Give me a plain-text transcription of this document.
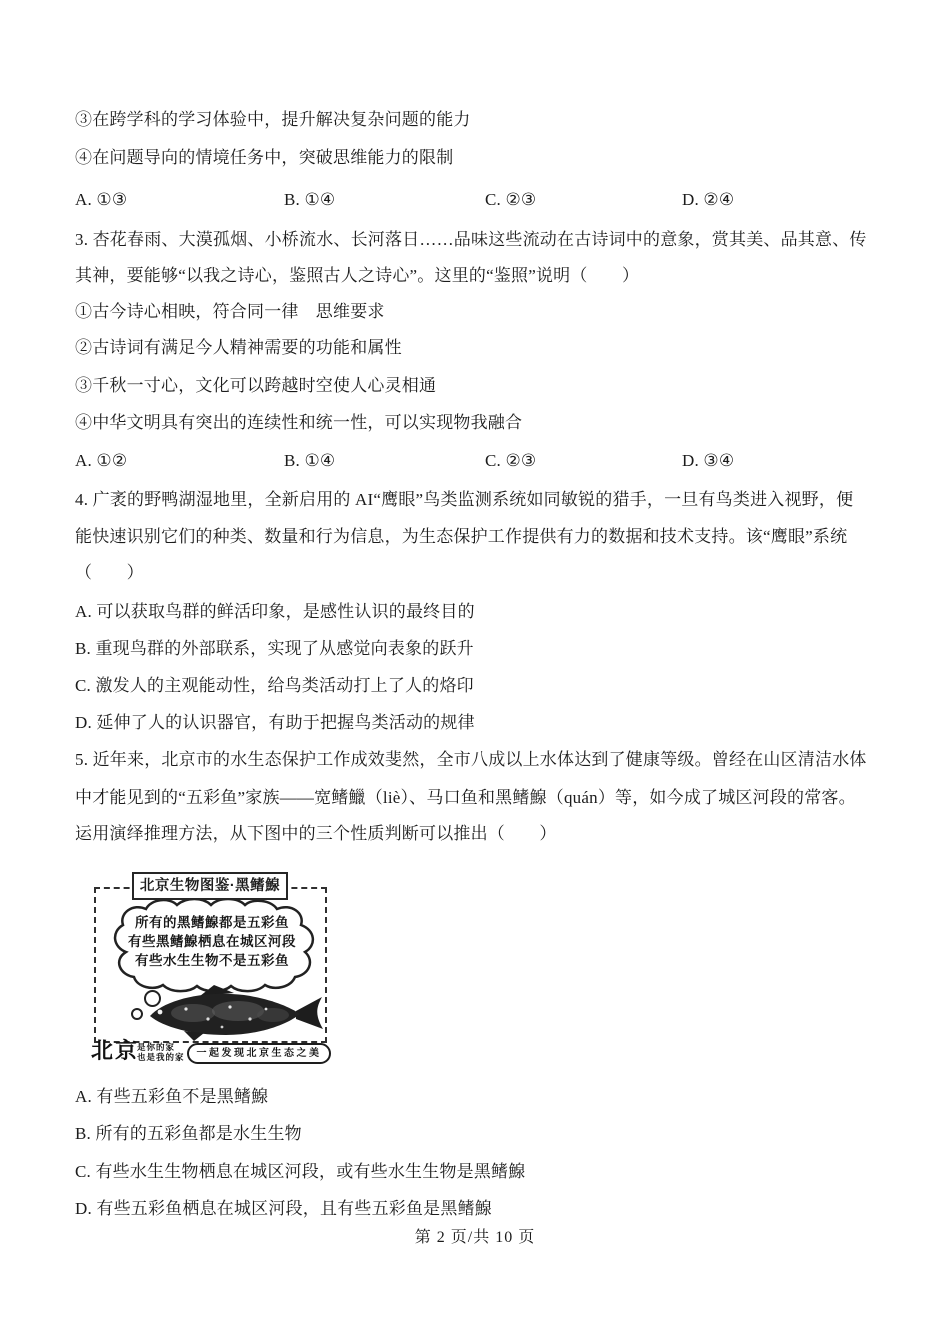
③在跨学科的学习体验中，提升解决复杂问题的能力
④在问题导向的情境任务中，突破思维能力的限制
A. ①③	B. ①④	C. ②③	D. ②④
3. 杏花春雨、大漠孤烟、小桥流水、长河落日……品味这些流动在古诗词中的意象，赏其美、品其意、传
其神，要能够“以我之诗心，鉴照古人之诗心”。这里的“鉴照”说明（　　）
①古今诗心相映，符合同一律　思维要求
②古诗词有满足今人精神需要的功能和属性
③千秋一寸心，文化可以跨越时空使人心灵相通
④中华文明具有突出的连续性和统一性，可以实现物我融合
A. ①②	B. ①④	C. ②③	D. ③④
4. 广袤的野鸭湖湿地里，全新启用的 AI“鹰眼”鸟类监测系统如同敏锐的猎手，一旦有鸟类进入视野，便
能快速识别它们的种类、数量和行为信息，为生态保护工作提供有力的数据和技术支持。该“鹰眼”系统
（　　）
A. 可以获取鸟群的鲜活印象，是感性认识的最终目的
B. 重现鸟群的外部联系，实现了从感觉向表象的跃升
C. 激发人的主观能动性，给鸟类活动打上了人的烙印
D. 延伸了人的认识器官，有助于把握鸟类活动的规律
5. 近年来，北京市的水生态保护工作成效斐然，全市八成以上水体达到了健康等级。曾经在山区清洁水体
中才能见到的“五彩鱼”家族——宽鳍鱲（liè）、马口鱼和黑鳍鰁（quán）等，如今成了城区河段的常客。
运用演绎推理方法，从下图中的三个性质判断可以推出（　　）
北京生物图鉴·黑鳍鰁
所有的黑鳍鰁都是五彩鱼
有些黑鳍鰁栖息在城区河段
有些水生生物不是五彩鱼
北京
是你的家
也是我的家	一起发现北京生态之美
A. 有些五彩鱼不是黑鳍鰁
B. 所有的五彩鱼都是水生生物
C. 有些水生生物栖息在城区河段，或有些水生生物是黑鳍鰁
D. 有些五彩鱼栖息在城区河段，且有些五彩鱼是黑鳍鰁
第 2 页/共 10 页
